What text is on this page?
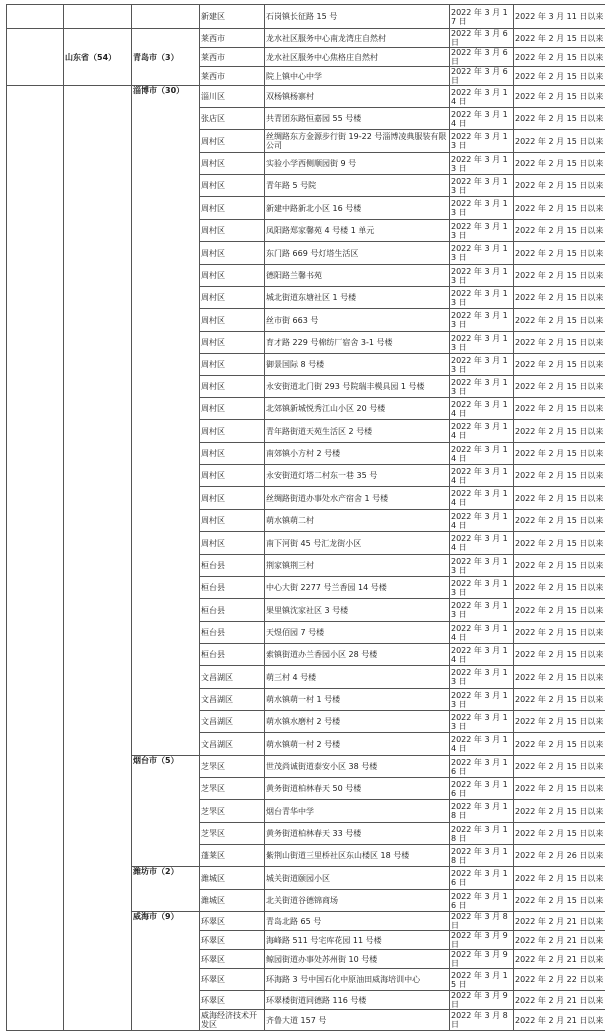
			新建区	石岗镇长征路 15 号	2022 年 3 月 17 日	2022 年 3 月 11 日以来
	山东省（54）	青岛市（3）	莱西市	龙水社区服务中心南龙湾庄自然村	2022 年 3 月 6 日	2022 年 2 月 15 日以来
			莱西市	龙水社区服务中心焦格庄自然村	2022 年 3 月 6 日	2022 年 2 月 15 日以来
			莱西市	院上镇中心中学	2022 年 3 月 6 日	2022 年 2 月 15 日以来
		淄博市（30）	淄川区	双杨镇杨寨村	2022 年 3 月 14 日	2022 年 2 月 15 日以来
			张店区	共青团东路恒嘉园 55 号楼	2022 年 3 月 14 日	2022 年 2 月 15 日以来
			周村区	丝绸路东方金源步行街 19-22 号淄博凌典服装有限公司	2022 年 3 月 13 日	2022 年 2 月 15 日以来
			周村区	实验小学西侧顺园街 9 号	2022 年 3 月 13 日	2022 年 2 月 15 日以来
			周村区	青年路 5 号院	2022 年 3 月 13 日	2022 年 2 月 15 日以来
			周村区	新建中路新北小区 16 号楼	2022 年 3 月 13 日	2022 年 2 月 15 日以来
			周村区	凤阳路郑家馨苑 4 号楼 1 单元	2022 年 3 月 13 日	2022 年 2 月 15 日以来
			周村区	东门路 669 号灯塔生活区	2022 年 3 月 13 日	2022 年 2 月 15 日以来
			周村区	德阳路兰馨书苑	2022 年 3 月 13 日	2022 年 2 月 15 日以来
			周村区	城北街道东塘社区 1 号楼	2022 年 3 月 13 日	2022 年 2 月 15 日以来
			周村区	丝市街 663 号	2022 年 3 月 13 日	2022 年 2 月 15 日以来
			周村区	育才路 229 号棉纺厂宿舍 3-1 号楼	2022 年 3 月 13 日	2022 年 2 月 15 日以来
			周村区	御景国际 8 号楼	2022 年 3 月 13 日	2022 年 2 月 15 日以来
			周村区	永安街道北门街 293 号院瑞丰模具园 1 号楼	2022 年 3 月 13 日	2022 年 2 月 15 日以来
			周村区	北郊镇新城悦秀江山小区 20 号楼	2022 年 3 月 14 日	2022 年 2 月 15 日以来
			周村区	青年路街道天苑生活区 2 号楼	2022 年 3 月 14 日	2022 年 2 月 15 日以来
			周村区	南郊镇小方村 2 号楼	2022 年 3 月 14 日	2022 年 2 月 15 日以来
			周村区	永安街道灯塔二村东一巷 35 号	2022 年 3 月 14 日	2022 年 2 月 15 日以来
			周村区	丝绸路街道办事处水产宿舍 1 号楼	2022 年 3 月 14 日	2022 年 2 月 15 日以来
			周村区	萌水镇萌二村	2022 年 3 月 14 日	2022 年 2 月 15 日以来
			周村区	南下河街 45 号汇龙街小区	2022 年 3 月 14 日	2022 年 2 月 15 日以来
			桓台县	荆家镇荆三村	2022 年 3 月 13 日	2022 年 2 月 15 日以来
			桓台县	中心大街 2277 号兰香园 14 号楼	2022 年 3 月 13 日	2022 年 2 月 15 日以来
			桓台县	果里镇沈家社区 3 号楼	2022 年 3 月 13 日	2022 年 2 月 15 日以来
			桓台县	天煜佰园 7 号楼	2022 年 3 月 14 日	2022 年 2 月 15 日以来
			桓台县	索镇街道办兰香园小区 28 号楼	2022 年 3 月 14 日	2022 年 2 月 15 日以来
			文昌湖区	萌三村 4 号楼	2022 年 3 月 13 日	2022 年 2 月 15 日以来
			文昌湖区	萌水镇萌一村 1 号楼	2022 年 3 月 13 日	2022 年 2 月 15 日以来
			文昌湖区	萌水镇水磨村 2 号楼	2022 年 3 月 13 日	2022 年 2 月 15 日以来
			文昌湖区	萌水镇萌一村 2 号楼	2022 年 3 月 14 日	2022 年 2 月 15 日以来
		烟台市（5）	芝罘区	世茂尚诚街道泰安小区 38 号楼	2022 年 3 月 16 日	2022 年 2 月 15 日以来
			芝罘区	黄务街道柏林春天 50 号楼	2022 年 3 月 16 日	2022 年 2 月 15 日以来
			芝罘区	烟台青华中学	2022 年 3 月 18 日	2022 年 2 月 15 日以来
			芝罘区	黄务街道柏林春天 33 号楼	2022 年 3 月 18 日	2022 年 2 月 15 日以来
			蓬莱区	紫荆山街道三里桥社区东山楼区 18 号楼	2022 年 3 月 18 日	2022 年 2 月 26 日以来
		潍坊市（2）	潍城区	城关街道颐园小区	2022 年 3 月 16 日	2022 年 2 月 15 日以来
			潍城区	北关街道谷德锦商场	2022 年 3 月 16 日	2022 年 2 月 15 日以来
		威海市（9）	环翠区	青岛北路 65 号	2022 年 3 月 8 日	2022 年 2 月 21 日以来
			环翠区	海峰路 511 号宅库花园 11 号楼	2022 年 3 月 9 日	2022 年 2 月 21 日以来
			环翠区	鲸园街道办事处苏州街 10 号楼	2022 年 3 月 9 日	2022 年 2 月 21 日以来
			环翠区	环海路 3 号中国石化中原油田威海培训中心	2022 年 3 月 15 日	2022 年 2 月 22 日以来
			环翠区	环翠楼街道同德路 116 号楼	2022 年 3 月 9 日	2022 年 2 月 21 日以来
			威海经济技术开发区	齐鲁大道 157 号	2022 年 3 月 8 日	2022 年 2 月 21 日以来
